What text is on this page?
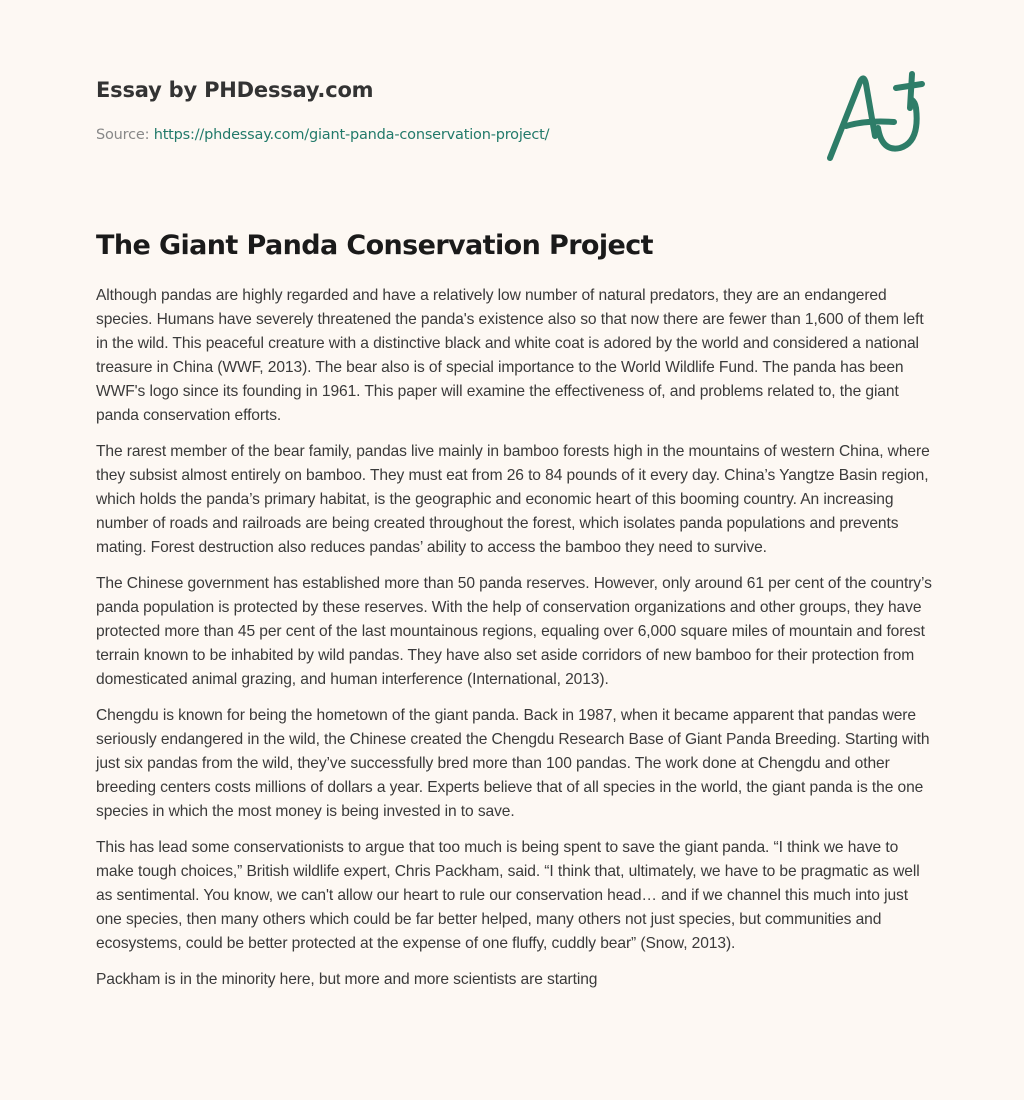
Essay by PHDessay.com
Source: https://phdessay.com/giant-panda-conservation-project/
The Giant Panda Conservation Project

Although pandas are highly regarded and have a relatively low number of natural predators, they are an endangered species. Humans have severely threatened the panda's existence also so that now there are fewer than 1,600 of them left in the wild. This peaceful creature with a distinctive black and white coat is adored by the world and considered a national treasure in China (WWF, 2013). The bear also is of special importance to the World Wildlife Fund. The panda has been WWF's logo since its founding in 1961. This paper will examine the effectiveness of, and problems related to, the giant panda conservation efforts.

The rarest member of the bear family, pandas live mainly in bamboo forests high in the mountains of western China, where they subsist almost entirely on bamboo. They must eat from 26 to 84 pounds of it every day. China’s Yangtze Basin region, which holds the panda’s primary habitat, is the geographic and economic heart of this booming country. An increasing number of roads and railroads are being created throughout the forest, which isolates panda populations and prevents mating. Forest destruction also reduces pandas’ ability to access the bamboo they need to survive.

The Chinese government has established more than 50 panda reserves. However, only around 61 per cent of the country’s panda population is protected by these reserves. With the help of conservation organizations and other groups, they have protected more than 45 per cent of the last mountainous regions, equaling over 6,000 square miles of mountain and forest terrain known to be inhabited by wild pandas. They have also set aside corridors of new bamboo for their protection from domesticated animal grazing, and human interference (International, 2013).

Chengdu is known for being the hometown of the giant panda. Back in 1987, when it became apparent that pandas were seriously endangered in the wild, the Chinese created the Chengdu Research Base of Giant Panda Breeding. Starting with just six pandas from the wild, they’ve successfully bred more than 100 pandas. The work done at Chengdu and other breeding centers costs millions of dollars a year. Experts believe that of all species in the world, the giant panda is the one species in which the most money is being invested in to save.

This has lead some conservationists to argue that too much is being spent to save the giant panda. “I think we have to make tough choices,” British wildlife expert, Chris Packham, said. “I think that, ultimately, we have to be pragmatic as well as sentimental. You know, we can't allow our heart to rule our conservation head… and if we channel this much into just one species, then many others which could be far better helped, many others not just species, but communities and ecosystems, could be better protected at the expense of one fluffy, cuddly bear” (Snow, 2013).

Packham is in the minority here, but more and more scientists are starting
